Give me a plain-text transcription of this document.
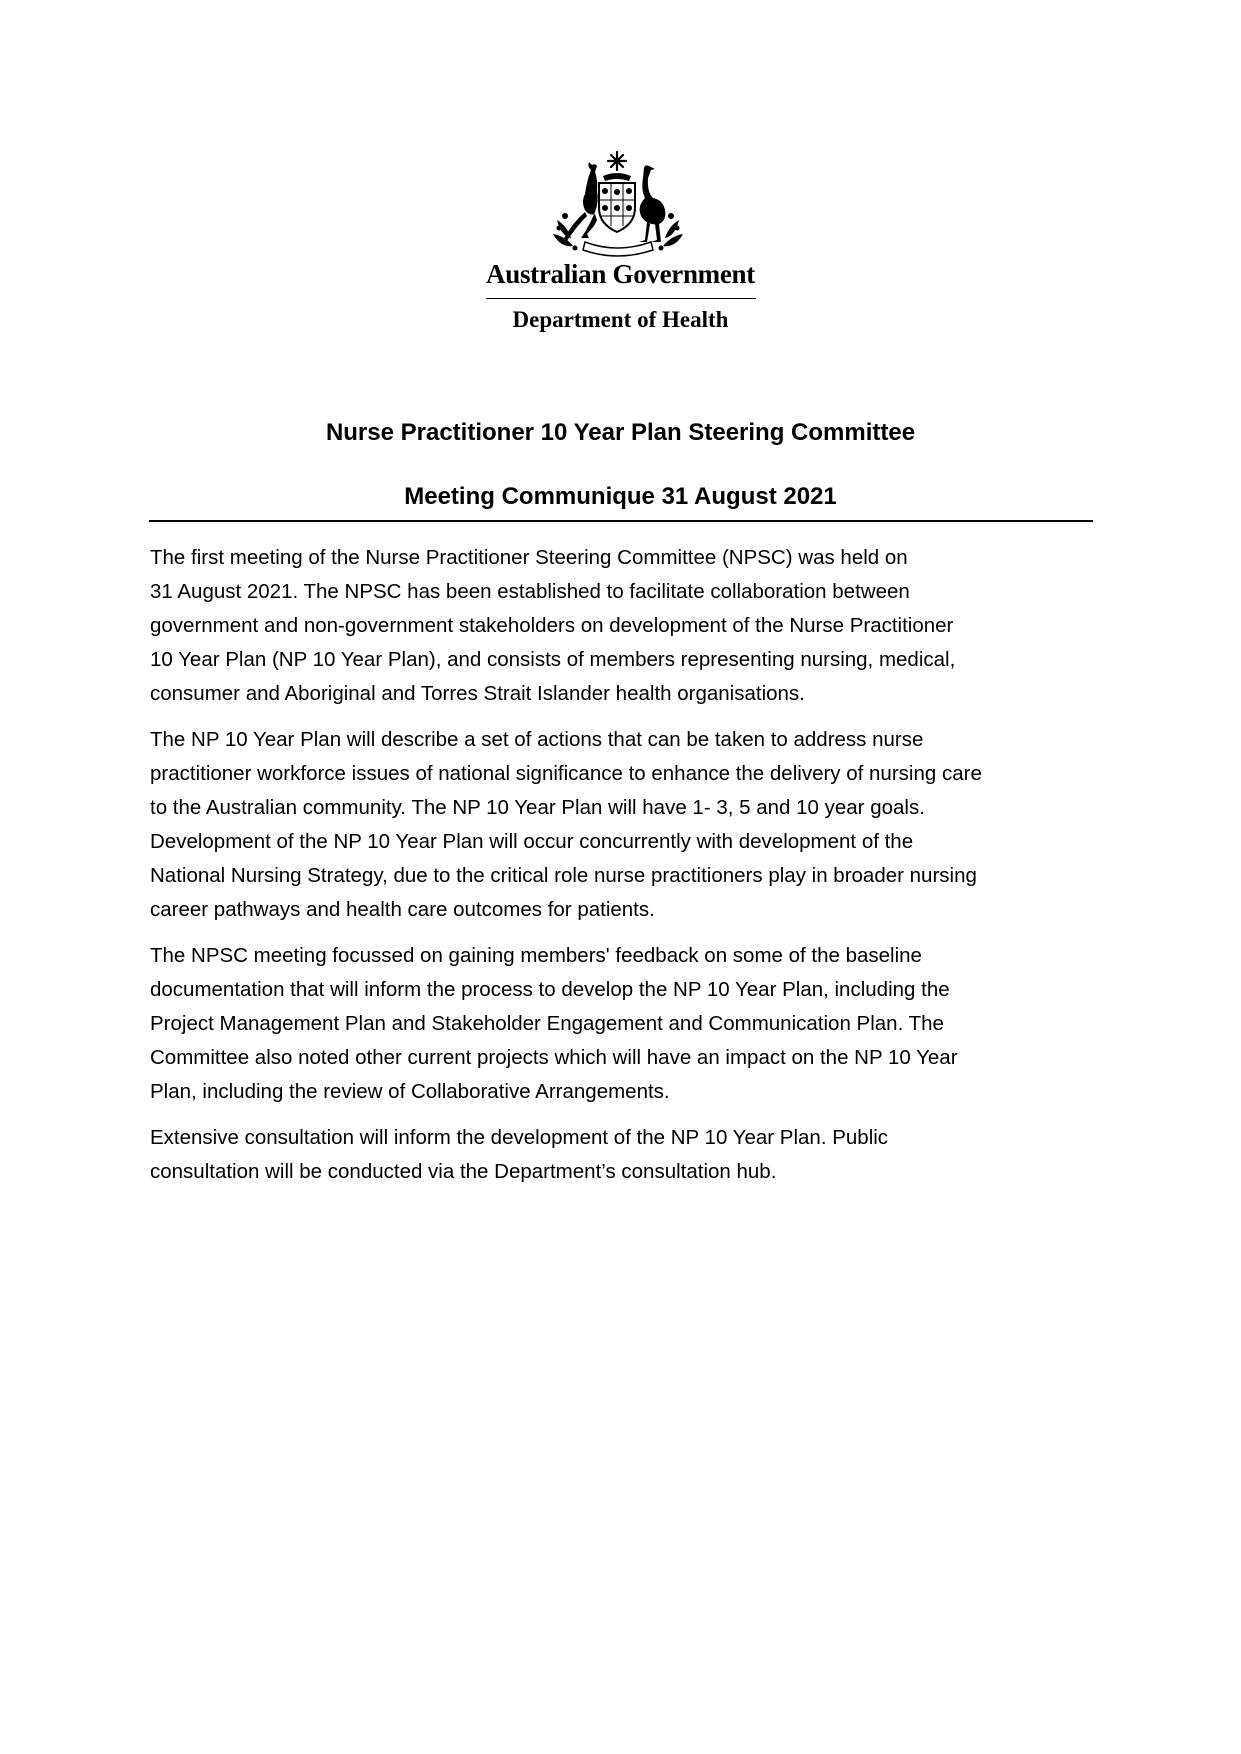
Australian Government
Department of Health
Nurse Practitioner 10 Year Plan Steering Committee
Meeting Communique 31 August 2021

The first meeting of the Nurse Practitioner Steering Committee (NPSC) was held on
31 August 2021. The NPSC has been established to facilitate collaboration between
government and non-government stakeholders on development of the Nurse Practitioner
10 Year Plan (NP 10 Year Plan), and consists of members representing nursing, medical,
consumer and Aboriginal and Torres Strait Islander health organisations.

The NP 10 Year Plan will describe a set of actions that can be taken to address nurse
practitioner workforce issues of national significance to enhance the delivery of nursing care
to the Australian community. The NP 10 Year Plan will have 1- 3, 5 and 10 year goals.
Development of the NP 10 Year Plan will occur concurrently with development of the
National Nursing Strategy, due to the critical role nurse practitioners play in broader nursing
career pathways and health care outcomes for patients.

The NPSC meeting focussed on gaining members' feedback on some of the baseline
documentation that will inform the process to develop the NP 10 Year Plan, including the
Project Management Plan and Stakeholder Engagement and Communication Plan. The
Committee also noted other current projects which will have an impact on the NP 10 Year
Plan, including the review of Collaborative Arrangements.

Extensive consultation will inform the development of the NP 10 Year Plan. Public
consultation will be conducted via the Department’s consultation hub.
